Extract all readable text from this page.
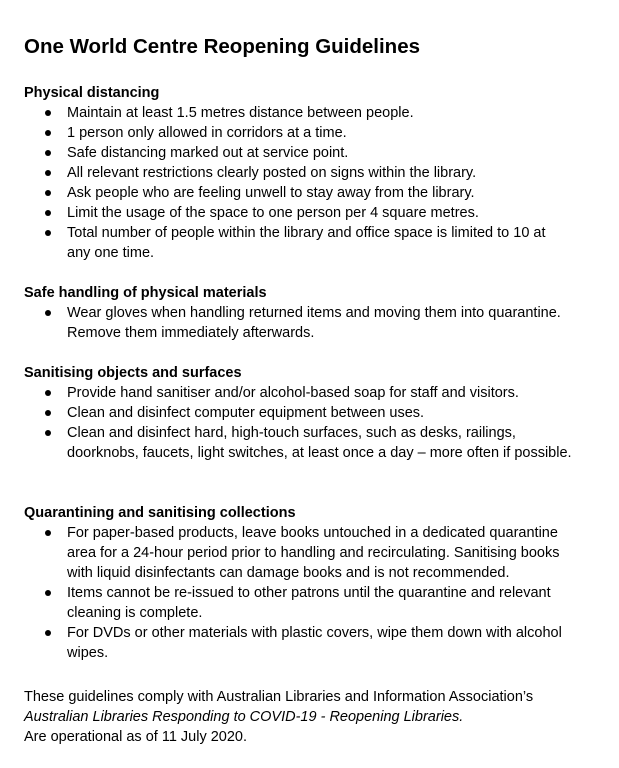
One World Centre Reopening Guidelines
Physical distancing
Maintain at least 1.5 metres distance between people.
1 person only allowed in corridors at a time.
Safe distancing marked out at service point.
All relevant restrictions clearly posted on signs within the library.
Ask people who are feeling unwell to stay away from the library.
Limit the usage of the space to one person per 4 square metres.
Total number of people within the library and office space is limited to 10 at any one time.
Safe handling of physical materials
Wear gloves when handling returned items and moving them into quarantine. Remove them immediately afterwards.
Sanitising objects and surfaces
Provide hand sanitiser and/or alcohol-based soap for staff and visitors.
Clean and disinfect computer equipment between uses.
Clean and disinfect hard, high-touch surfaces, such as desks, railings, doorknobs, faucets, light switches, at least once a day – more often if possible.
Quarantining and sanitising collections
For paper-based products, leave books untouched in a dedicated quarantine area for a 24-hour period prior to handling and recirculating. Sanitising books with liquid disinfectants can damage books and is not recommended.
Items cannot be re-issued to other patrons until the quarantine and relevant cleaning is complete.
For DVDs or other materials with plastic covers, wipe them down with alcohol wipes.
These guidelines comply with Australian Libraries and Information Association’s
Australian Libraries Responding to COVID-19 - Reopening Libraries.
Are operational as of 11 July 2020.
